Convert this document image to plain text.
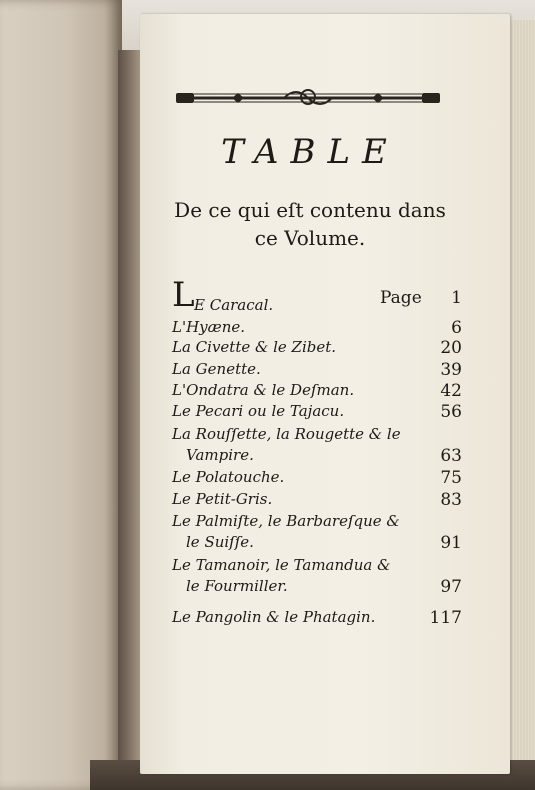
TABLE
De ce qui eſt contenu dans
ce Volume.
Page
L E Caracal.	1
L'Hyæne.	6
La Civette & le Zibet.	20
La Genette.	39
L'Ondatra & le Deſman.	42
Le Pecari ou le Tajacu.	56
La Rouſſette, la Rougette & le
Vampire.	63
Le Polatouche.	75
Le Petit-Gris.	83
Le Palmiſte, le Barbareſque &
le Suiſſe.	91
Le Tamanoir, le Tamandua &
le Fourmiller.	97
Le Pangolin & le Phatagin.	117
